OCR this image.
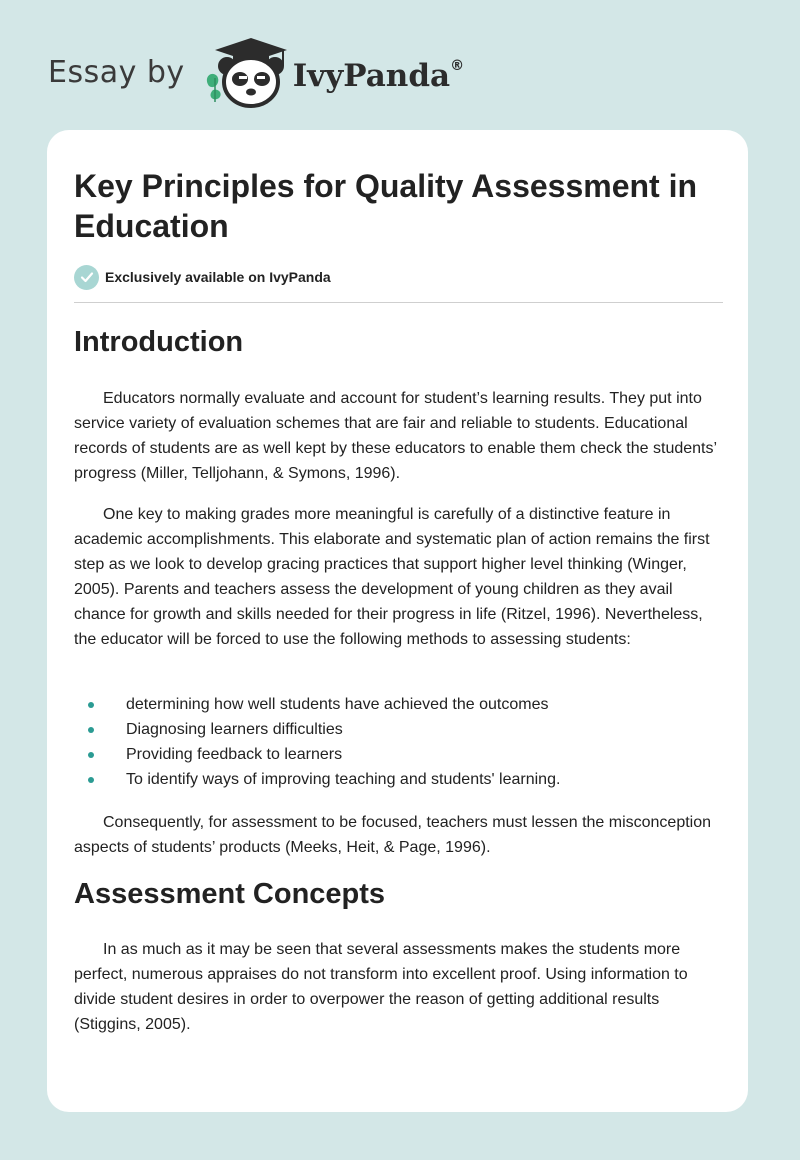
Essay by	IvyPanda®
Key Principles for Quality Assessment in Education
Exclusively available on IvyPanda
Introduction

Educators normally evaluate and account for student’s learning results. They put into service variety of evaluation schemes that are fair and reliable to students. Educational records of students are as well kept by these educators to enable them check the students’ progress (Miller, Telljohann, & Symons, 1996).

One key to making grades more meaningful is carefully of a distinctive feature in academic accomplishments. This elaborate and systematic plan of action remains the first step as we look to develop gracing practices that support higher level thinking (Winger, 2005). Parents and teachers assess the development of young children as they avail chance for growth and skills needed for their progress in life (Ritzel, 1996). Nevertheless, the educator will be forced to use the following methods to assessing students:

determining how well students have achieved the outcomes
Diagnosing learners difficulties
Providing feedback to learners
To identify ways of improving teaching and students' learning.

Consequently, for assessment to be focused, teachers must lessen the misconception aspects of students’ products (Meeks, Heit, & Page, 1996).

Assessment Concepts

In as much as it may be seen that several assessments makes the students more perfect, numerous appraises do not transform into excellent proof. Using information to divide student desires in order to overpower the reason of getting additional results (Stiggins, 2005).
